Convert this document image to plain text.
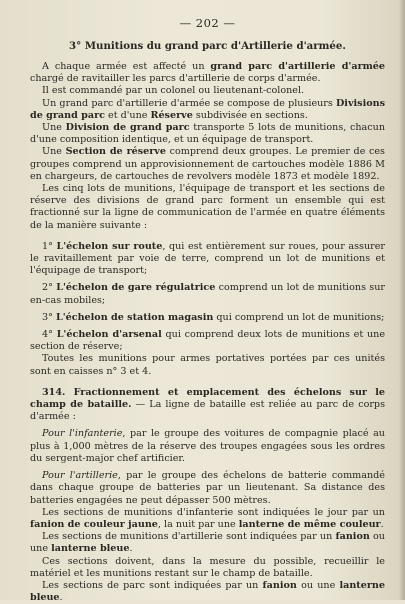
— 202 —
3° Munitions du grand parc d'Artillerie d'armée.

A chaque armée est affecté un grand parc d'artillerie d'armée chargé de ravitailler les parcs d'artillerie de corps d'armée.

Il est commandé par un colonel ou lieutenant-colonel.

Un grand parc d'artillerie d'armée se compose de plusieurs Divisions de grand parc et d'une Réserve subdivisée en sections.

Une Division de grand parc transporte 5 lots de munitions, chacun d'une composition identique, et un équipage de transport.

Une Section de réserve comprend deux groupes. Le premier de ces groupes comprend un approvisionnement de cartouches modèle 1886 M en chargeurs, de cartouches de revolvers modèle 1873 et modèle 1892.

Les cinq lots de munitions, l'équipage de transport et les sections de réserve des divisions de grand parc forment un ensemble qui est fractionné sur la ligne de communication de l'armée en quatre éléments de la manière suivante :

1° L'échelon sur route, qui est entièrement sur roues, pour assurer le ravitaillement par voie de terre, comprend un lot de munitions et l'équipage de transport;

2° L'échelon de gare régulatrice comprend un lot de munitions sur en-cas mobiles;

3° L'échelon de station magasin qui comprend un lot de munitions;

4° L'échelon d'arsenal qui comprend deux lots de munitions et une section de réserve;

Toutes les munitions pour armes portatives portées par ces unités sont en caisses n° 3 et 4.

314. Fractionnement et emplacement des échelons sur le champ de bataille. — La ligne de bataille est reliée au parc de corps d'armée :

Pour l'infanterie, par le groupe des voitures de compagnie placé au plus à 1,000 mètres de la réserve des troupes engagées sous les ordres du sergent-major chef artificier.

Pour l'artillerie, par le groupe des échelons de batterie commandé dans chaque groupe de batteries par un lieutenant. Sa distance des batteries engagées ne peut dépasser 500 mètres.

Les sections de munitions d'infanterie sont indiquées le jour par un fanion de couleur jaune, la nuit par une lanterne de même couleur.

Les sections de munitions d'artillerie sont indiquées par un fanion ou une lanterne bleue.

Ces sections doivent, dans la mesure du possible, recueillir le matériel et les munitions restant sur le champ de bataille.

Les sections de parc sont indiquées par un fanion ou une lanterne bleue.
